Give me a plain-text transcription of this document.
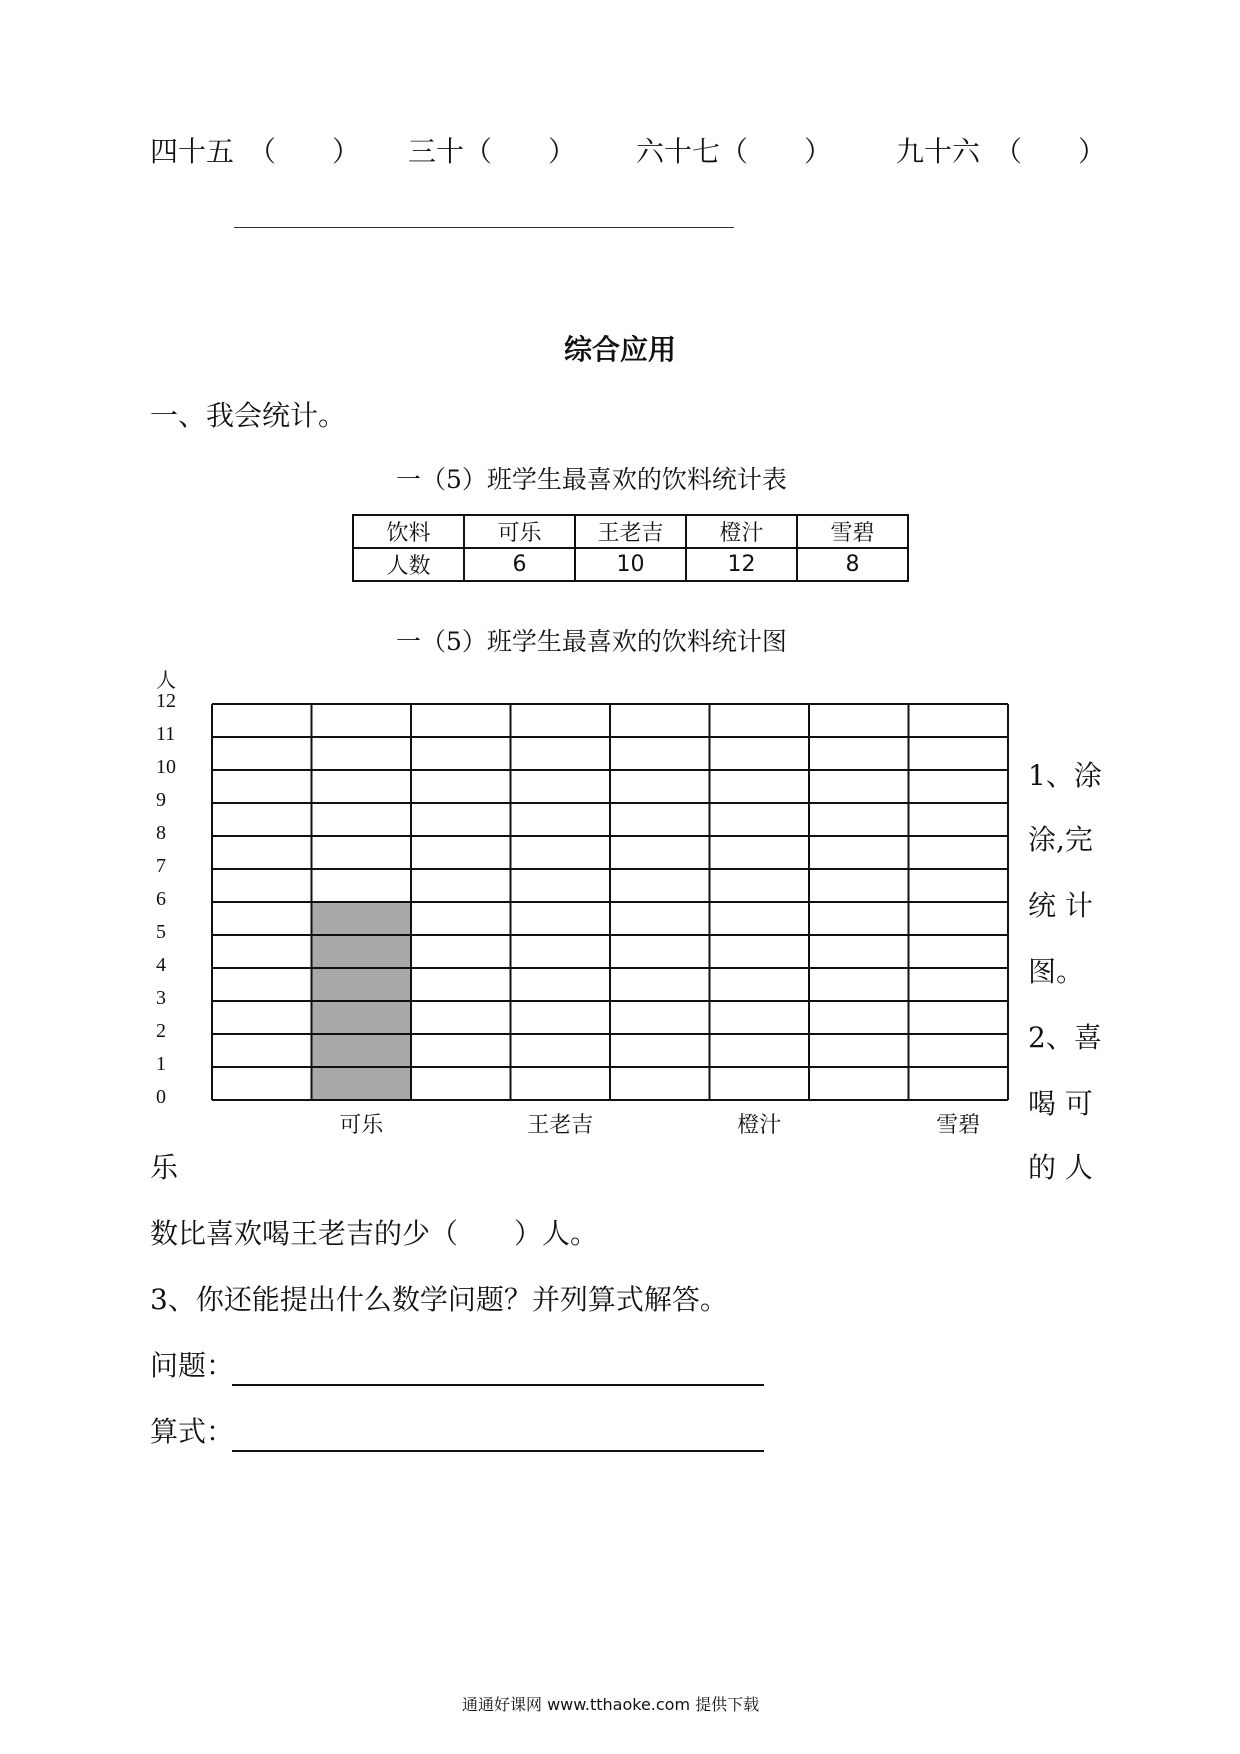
四十五 （　　） 三十（　　） 六十七（　　） 九十六 （　　）
综合应用
一、我会统计。
一（5）班学生最喜欢的饮料统计表
饮料	可乐	王老吉	橙汁	雪碧
人数	6	10	12	8
一（5）班学生最喜欢的饮料统计图
人
12
11
10
9
8
7
6
5
4
3
2
1
0
可乐	王老吉	橙汁	雪碧
1、涂
涂,完
统 计
图。
2、喜
喝 可
的 人
乐
数比喜欢喝王老吉的少（　　）人。
3、你还能提出什么数学问题？并列算式解答。
问题：
算式：
通通好课网 www.tthaoke.com 提供下载
